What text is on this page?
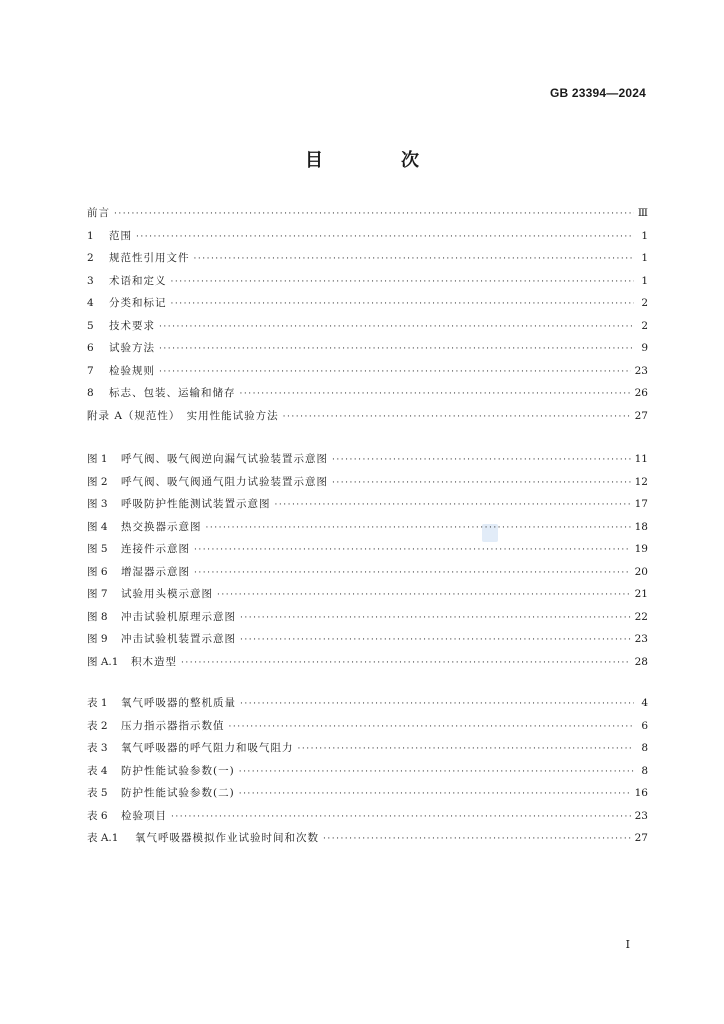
GB 23394—2024
目　次
前言 ·····	Ⅲ
1	范围 ·····	1
2	规范性引用文件 ·····	1
3	术语和定义 ·····	1
4	分类和标记 ·····	2
5	技术要求 ·····	2
6	试验方法 ·····	9
7	检验规则 ·····	23
8	标志、包装、运输和储存 ·····	26
附录 A（规范性）　实用性能试验方法 ·····	27
图 1	呼气阀、吸气阀逆向漏气试验装置示意图 ·····	11
图 2	呼气阀、吸气阀通气阻力试验装置示意图 ·····	12
图 3	呼吸防护性能测试装置示意图 ·····	17
图 4	热交换器示意图 ·····	18
图 5	连接件示意图 ·····	19
图 6	增湿器示意图 ·····	20
图 7	试验用头模示意图 ·····	21
图 8	冲击试验机原理示意图 ·····	22
图 9	冲击试验机装置示意图 ·····	23
图 A.1	积木造型 ·····	28
表 1	氧气呼吸器的整机质量 ·····	4
表 2	压力指示器指示数值 ·····	6
表 3	氧气呼吸器的呼气阻力和吸气阻力 ·····	8
表 4	防护性能试验参数(一) ·····	8
表 5	防护性能试验参数(二) ·····	16
表 6	检验项目 ·····	23
表 A.1	氧气呼吸器模拟作业试验时间和次数 ·····	27
I
